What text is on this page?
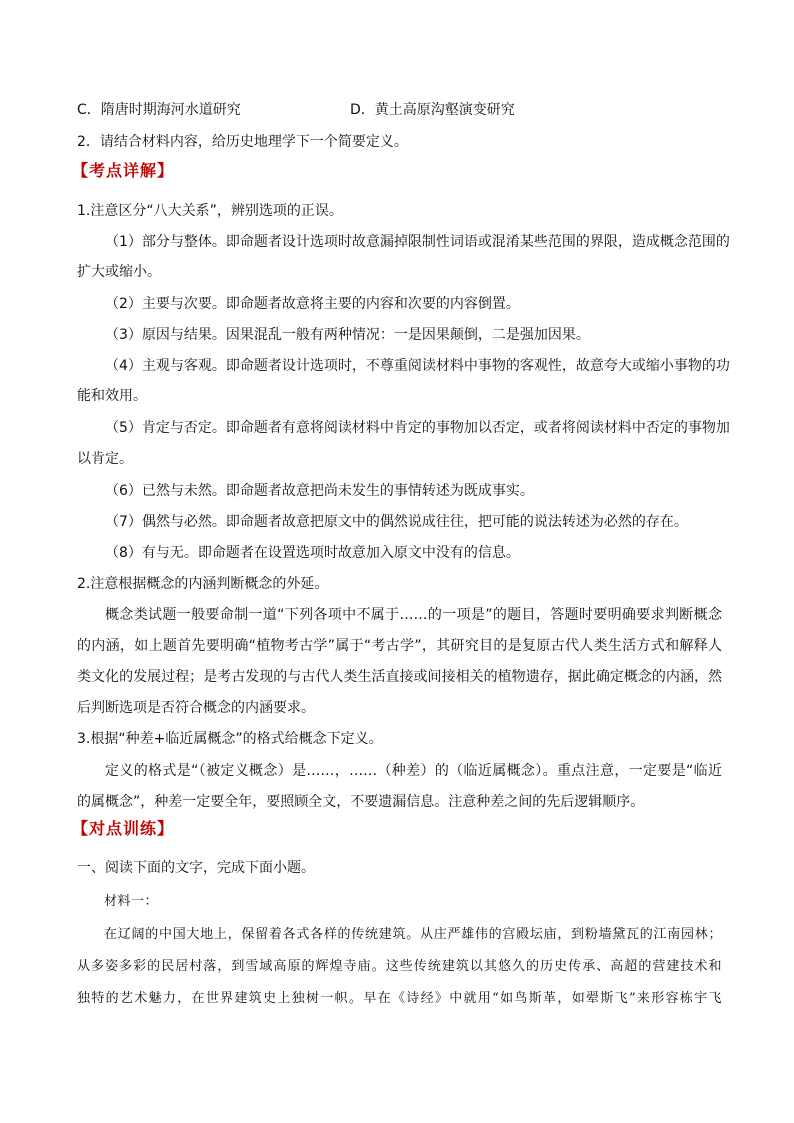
C．隋唐时期海河水道研究	D．黄土高原沟壑演变研究
2．请结合材料内容，给历史地理学下一个简要定义。
【考点详解】
1.注意区分“八大关系”，辨别选项的正误。
（1）部分与整体。即命题者设计选项时故意漏掉限制性词语或混淆某些范围的界限，造成概念范围的
扩大或缩小。
（2）主要与次要。即命题者故意将主要的内容和次要的内容倒置。
（3）原因与结果。因果混乱一般有两种情况：一是因果颠倒，二是强加因果。
（4）主观与客观。即命题者设计选项时，不尊重阅读材料中事物的客观性，故意夸大或缩小事物的功
能和效用。
（5）肯定与否定。即命题者有意将阅读材料中肯定的事物加以否定，或者将阅读材料中否定的事物加
以肯定。
（6）已然与未然。即命题者故意把尚未发生的事情转述为既成事实。
（7）偶然与必然。即命题者故意把原文中的偶然说成往往，把可能的说法转述为必然的存在。
（8）有与无。即命题者在设置选项时故意加入原文中没有的信息。
2.注意根据概念的内涵判断概念的外延。
概念类试题一般要命制一道“下列各项中不属于……的一项是”的题目，答题时要明确要求判断概念
的内涵，如上题首先要明确“植物考古学”属于“考古学”，其研究目的是复原古代人类生活方式和解释人
类文化的发展过程；是考古发现的与古代人类生活直接或间接相关的植物遗存，据此确定概念的内涵，然
后判断选项是否符合概念的内涵要求。
3.根据“种差+临近属概念”的格式给概念下定义。
定义的格式是“（被定义概念）是……，……（种差）的（临近属概念）。重点注意，一定要是“临近
的属概念”，种差一定要全年，要照顾全文，不要遗漏信息。注意种差之间的先后逻辑顺序。
【对点训练】
一、阅读下面的文字，完成下面小题。
材料一：
在辽阔的中国大地上，保留着各式各样的传统建筑。从庄严雄伟的宫殿坛庙，到粉墙黛瓦的江南园林；
从多姿多彩的民居村落，到雪域高原的辉煌寺庙。这些传统建筑以其悠久的历史传承、高超的营建技术和
独特的艺术魅力，在世界建筑史上独树一帜。早在《诗经》中就用“如鸟斯革，如翚斯飞”来形容栋宇飞
